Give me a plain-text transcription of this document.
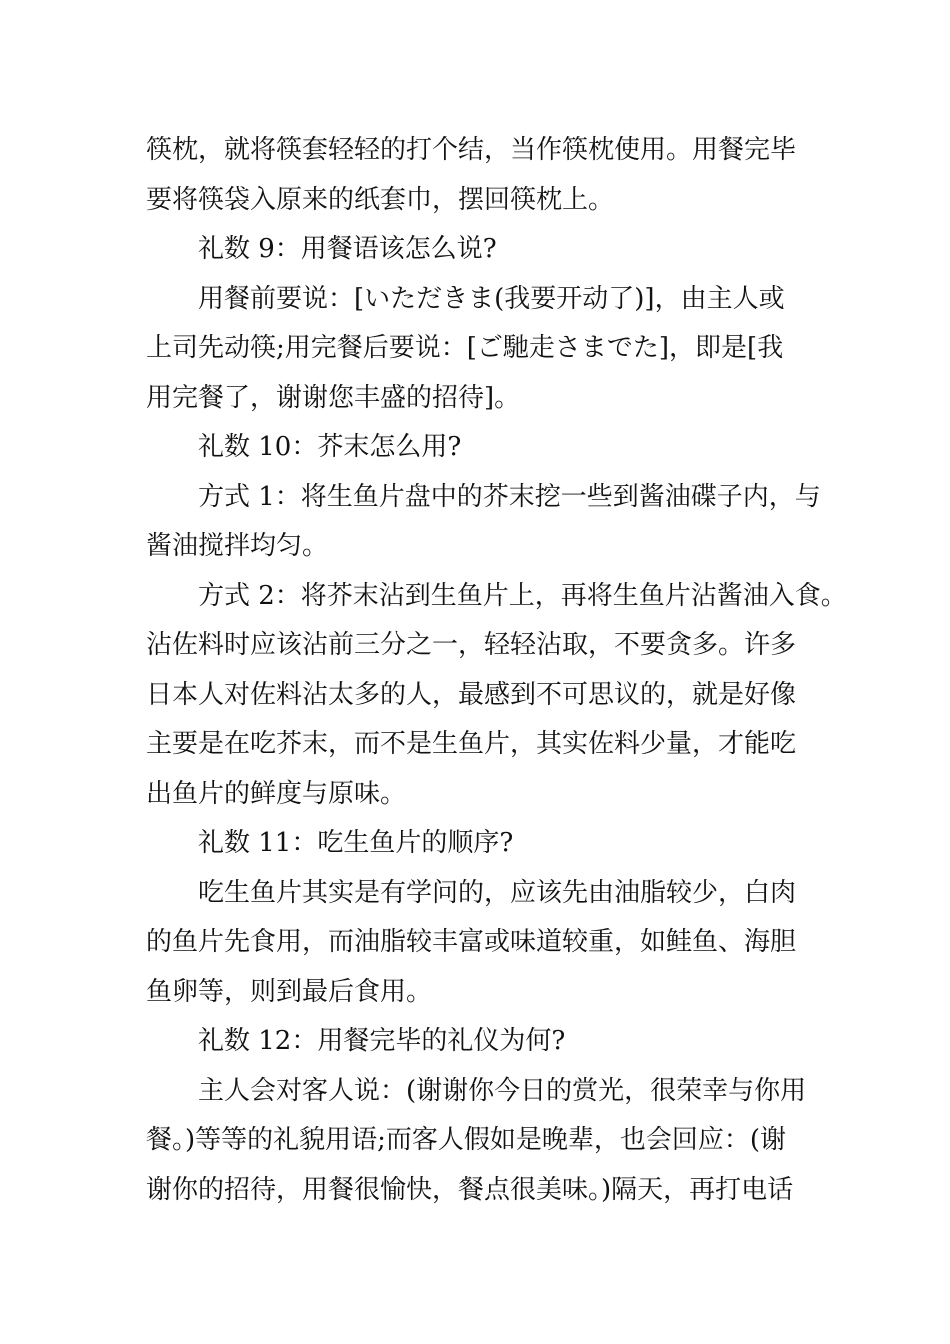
筷枕，就将筷套轻轻的打个结，当作筷枕使用。用餐完毕
要将筷袋入原来的纸套巾，摆回筷枕上。

礼数 9：用餐语该怎么说?

用餐前要说：[いただきま(我要开动了)]，由主人或
上司先动筷;用完餐后要说：[ご馳走さまでた]，即是[我
用完餐了，谢谢您丰盛的招待]。

礼数 10：芥末怎么用?

方式 1：将生鱼片盘中的芥末挖一些到酱油碟子内，与
酱油搅拌均匀。

方式 2：将芥末沾到生鱼片上，再将生鱼片沾酱油入食。
沾佐料时应该沾前三分之一，轻轻沾取，不要贪多。许多
日本人对佐料沾太多的人，最感到不可思议的，就是好像
主要是在吃芥末，而不是生鱼片，其实佐料少量，才能吃
出鱼片的鲜度与原味。

礼数 11：吃生鱼片的顺序?

吃生鱼片其实是有学问的，应该先由油脂较少，白肉
的鱼片先食用，而油脂较丰富或味道较重，如鲑鱼、海胆
鱼卵等，则到最后食用。

礼数 12：用餐完毕的礼仪为何?

主人会对客人说：(谢谢你今日的赏光，很荣幸与你用
餐。)等等的礼貌用语;而客人假如是晚辈，也会回应：(谢
谢你的招待，用餐很愉快，餐点很美味。)隔天，再打电话
